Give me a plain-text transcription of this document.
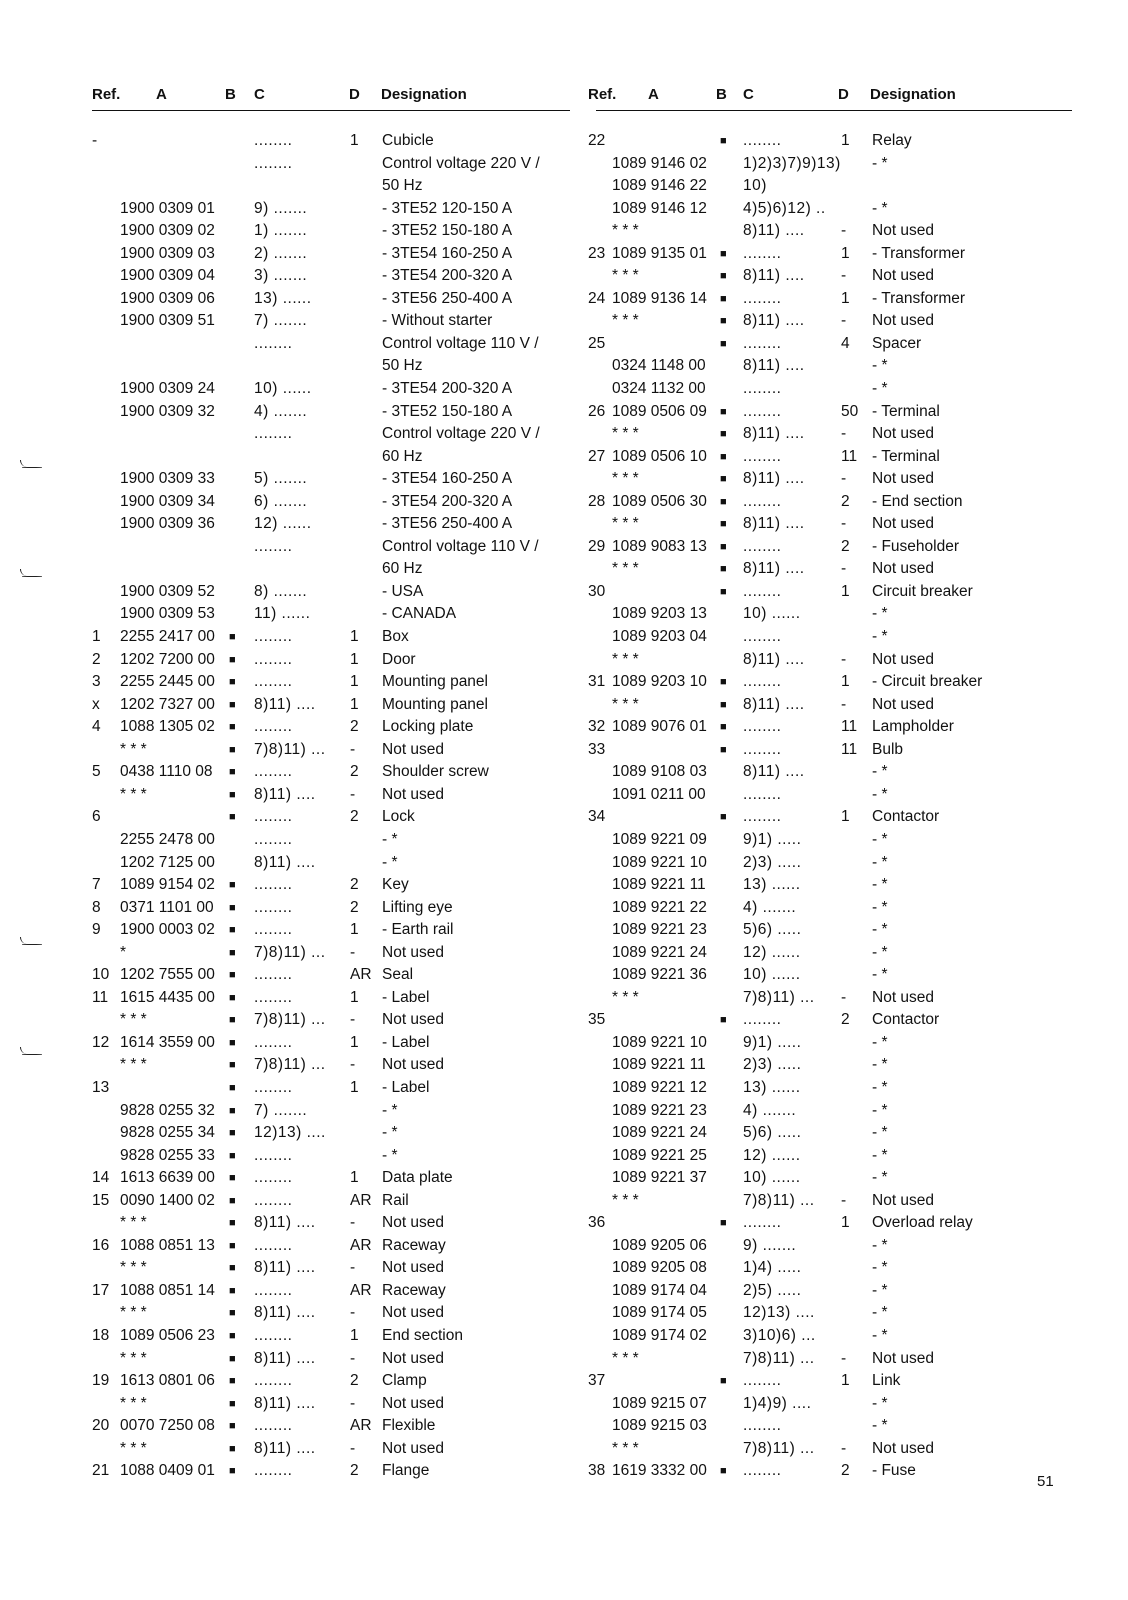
Ref. A	B C	D Designation
-	........	1 Cubicle
........	Control voltage 220 V /
50 Hz
1900 0309 01	9) .......	- 3TE52 120-150 A
1900 0309 02	1) .......	- 3TE52 150-180 A
1900 0309 03	2) .......	- 3TE54 160-250 A
1900 0309 04	3) .......	- 3TE54 200-320 A
1900 0309 06	13) ......	- 3TE56 250-400 A
1900 0309 51	7) .......	- Without starter
........	Control voltage 110 V /
50 Hz
1900 0309 24	10) ......	- 3TE54 200-320 A
1900 0309 32	4) .......	- 3TE52 150-180 A
........	Control voltage 220 V /
60 Hz
1900 0309 33	5) .......	- 3TE54 160-250 A
1900 0309 34	6) .......	- 3TE54 200-320 A
1900 0309 36	12) ......	- 3TE56 250-400 A
........	Control voltage 110 V /
60 Hz
1900 0309 52	8) .......	- USA
1900 0309 53	11) ......	- CANADA
1 2255 2417 00 ■ ........	1 Box
2 1202 7200 00 ■ ........	1 Door
3 2255 2445 00 ■ ........	1 Mounting panel
x 1202 7327 00 ■ 8)11) .... 1 Mounting panel
4 1088 1305 02 ■ ........	2 Locking plate
* * *	■ 7)8)11) ... - Not used
5 0438 1110 08 ■ ........	2 Shoulder screw
* * *	■ 8)11) .... - Not used
6	■ ........	2 Lock
2255 2478 00	........	- *
1202 7125 00	8)11) ....	- *
7 1089 9154 02 ■ ........	2 Key
8 0371 1101 00 ■ ........	2 Lifting eye
9 1900 0003 02 ■ ........	1 - Earth rail
*	■ 7)8)11) ... - Not used
10 1202 7555 00 ■ ........	AR Seal
11 1615 4435 00 ■ ........	1 - Label
* * *	■ 7)8)11) ... - Not used
12 1614 3559 00 ■ ........	1 - Label
* * *	■ 7)8)11) ... - Not used
13	■ ........	1 - Label
9828 0255 32 ■ 7) .......	- *
9828 0255 34 ■ 12)13) ....	- *
9828 0255 33 ■ ........	- *
14 1613 6639 00 ■ ........	1 Data plate
15 0090 1400 02 ■ ........	AR Rail
* * *	■ 8)11) .... - Not used
16 1088 0851 13 ■ ........	AR Raceway
* * *	■ 8)11) .... - Not used
17 1088 0851 14 ■ ........	AR Raceway
* * *	■ 8)11) .... - Not used
18 1089 0506 23 ■ ........	1 End section
* * *	■ 8)11) .... - Not used
19 1613 0801 06 ■ ........	2 Clamp
* * *	■ 8)11) .... - Not used
20 0070 7250 08 ■ ........	AR Flexible
* * *	■ 8)11) .... - Not used
21 1088 0409 01 ■ ........	2 Flange
Ref. A	B C	D Designation
22	■ ........	1 Relay
1089 9146 02 1)2)3)7)9)13) - *
1089 9146 22 10)
1089 9146 12 4)5)6)12) ..	- *
* * *	8)11) .... - Not used
23 1089 9135 01 ■ ........	1 - Transformer
* * *	■ 8)11) .... - Not used
24 1089 9136 14 ■ ........	1 - Transformer
* * *	■ 8)11) .... - Not used
25	■ ........	4 Spacer
0324 1148 00 8)11) ....	- *
0324 1132 00 ........	- *
26 1089 0506 09 ■ ........	50 - Terminal
* * *	■ 8)11) .... - Not used
27 1089 0506 10 ■ ........	11 - Terminal
* * *	■ 8)11) .... - Not used
28 1089 0506 30 ■ ........	2 - End section
* * *	■ 8)11) .... - Not used
29 1089 9083 13 ■ ........	2 - Fuseholder
* * *	■ 8)11) .... - Not used
30	■ ........	1 Circuit breaker
1089 9203 13 10) ......	- *
1089 9203 04 ........	- *
* * *	8)11) .... - Not used
31 1089 9203 10 ■ ........	1 - Circuit breaker
* * *	■ 8)11) .... - Not used
32 1089 9076 01 ■ ........	11 Lampholder
33	■ ........	11 Bulb
1089 9108 03 8)11) ....	- *
1091 0211 00 ........	- *
34	■ ........	1 Contactor
1089 9221 09 9)1) .....	- *
1089 9221 10 2)3) .....	- *
1089 9221 11 13) ......	- *
1089 9221 22 4) .......	- *
1089 9221 23 5)6) .....	- *
1089 9221 24 12) ......	- *
1089 9221 36 10) ......	- *
* * *	7)8)11) ... - Not used
35	■ ........	2 Contactor
1089 9221 10 9)1) .....	- *
1089 9221 11 2)3) .....	- *
1089 9221 12 13) ......	- *
1089 9221 23 4) .......	- *
1089 9221 24 5)6) .....	- *
1089 9221 25 12) ......	- *
1089 9221 37 10) ......	- *
* * *	7)8)11) ... - Not used
36	■ ........	1 Overload relay
1089 9205 06 9) .......	- *
1089 9205 08 1)4) .....	- *
1089 9174 04 2)5) .....	- *
1089 9174 05 12)13) ....	- *
1089 9174 02 3)10)6) ...	- *
* * *	7)8)11) ... - Not used
37	■ ........	1 Link
1089 9215 07 1)4)9) ....	- *
1089 9215 03 ........	- *
* * *	7)8)11) ... - Not used
38 1619 3332 00 ■ ........	2 - Fuse
51
